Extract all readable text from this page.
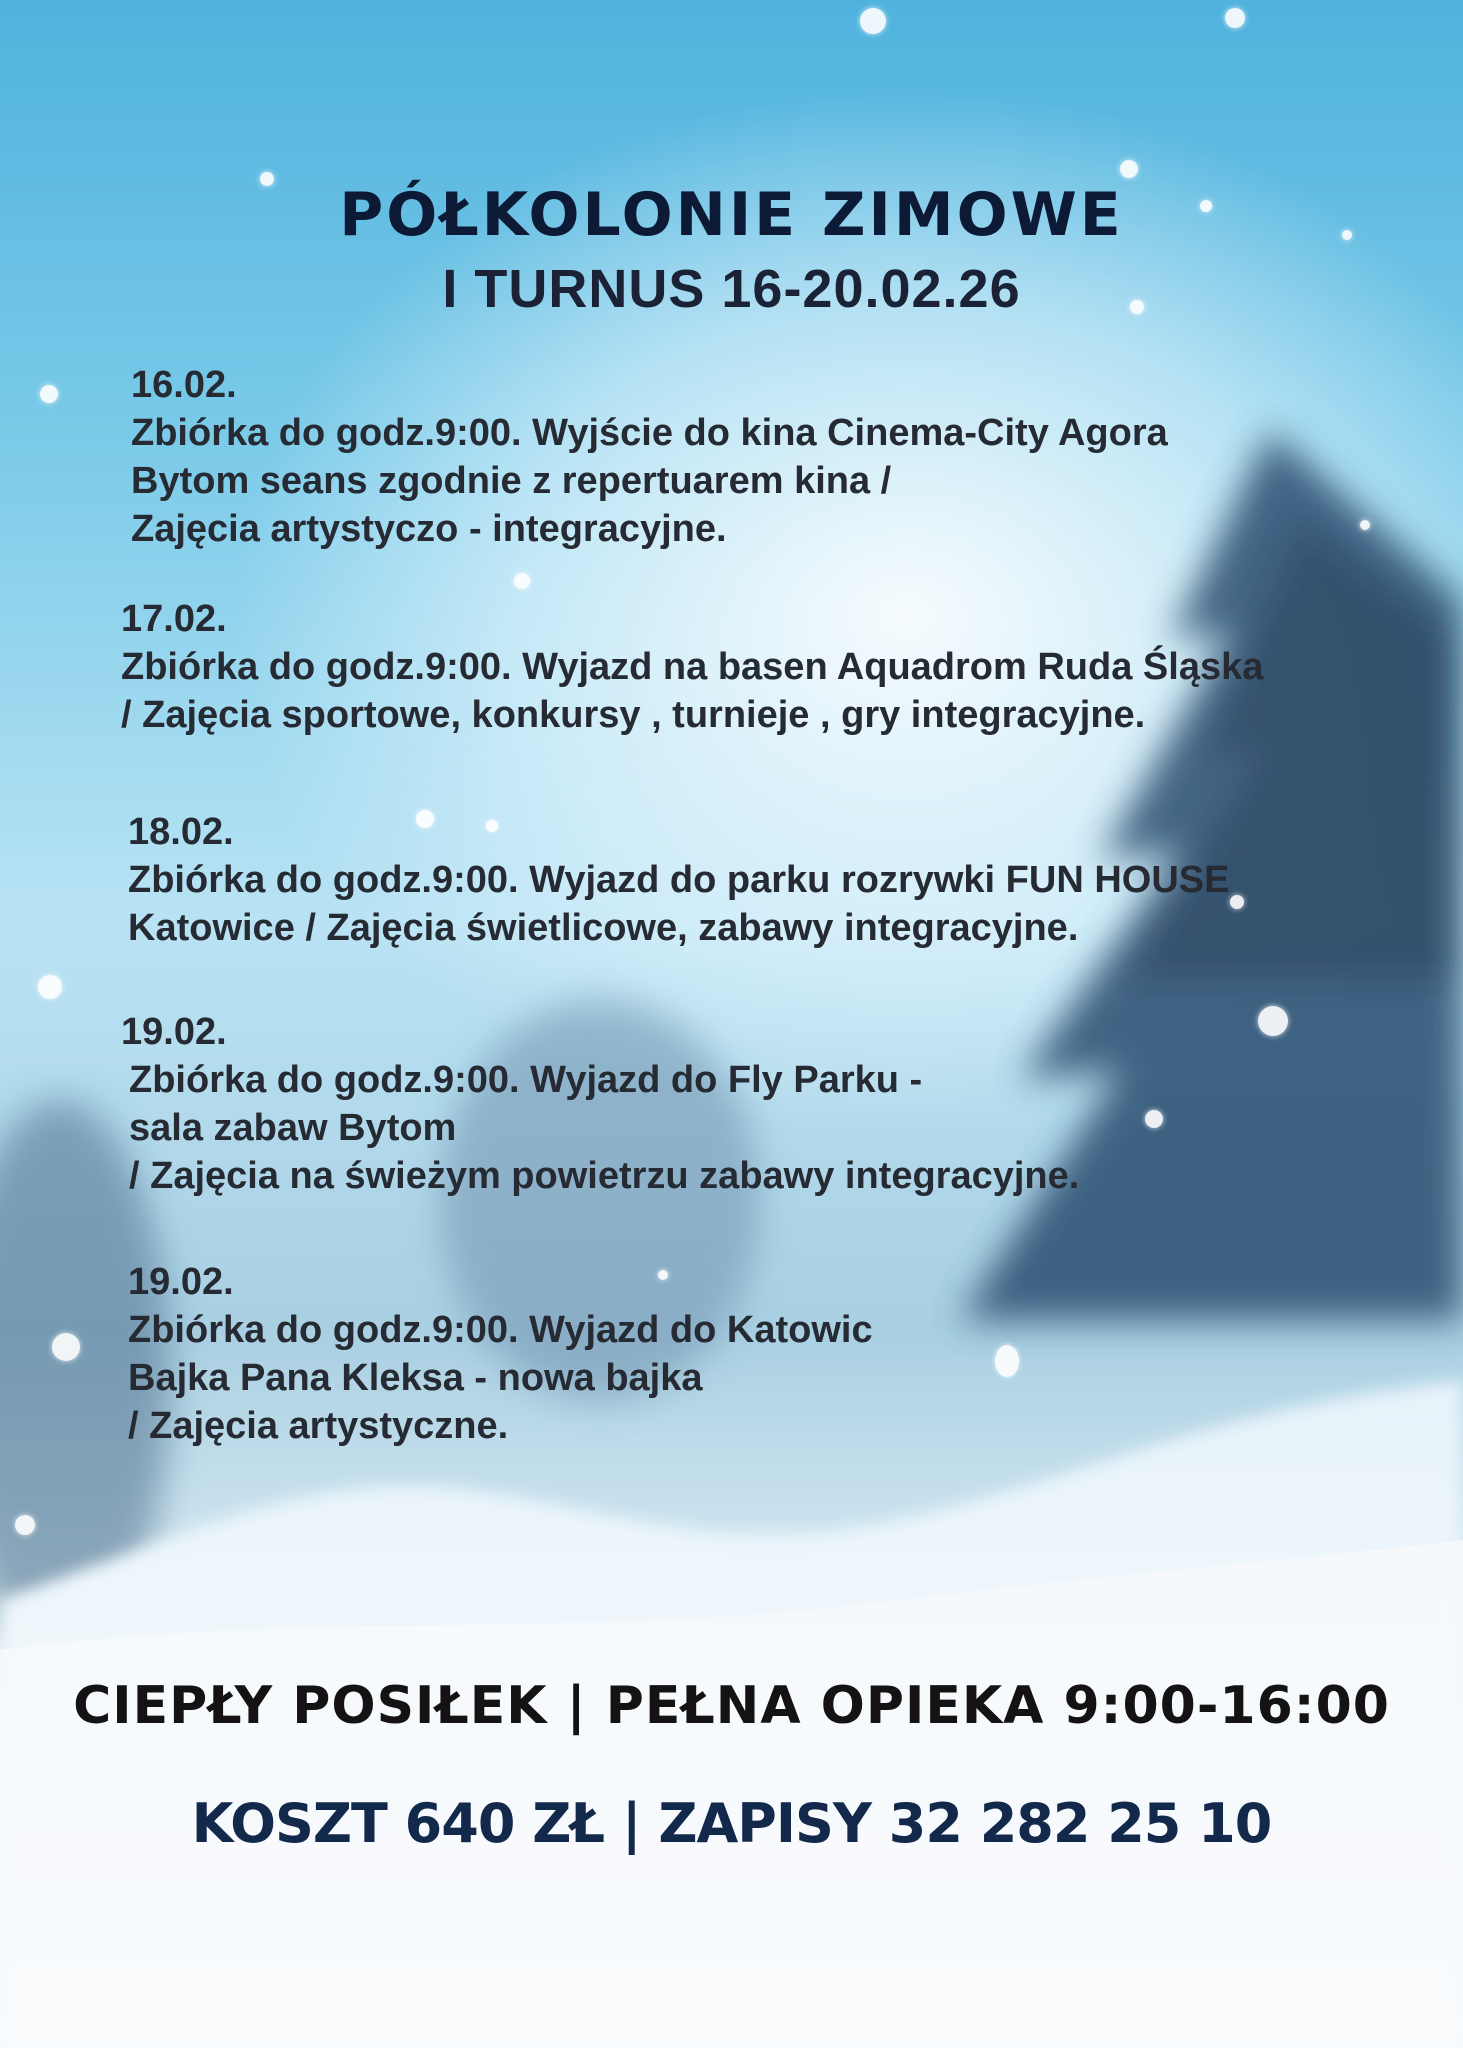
PÓŁKOLONIE ZIMOWE
I TURNUS 16-20.02.26
16.02.
Zbiórka do godz.9:00. Wyjście do kina Cinema-City Agora
Bytom seans zgodnie z repertuarem kina /
Zajęcia artystyczo - integracyjne.
17.02.
Zbiórka do godz.9:00. Wyjazd na basen Aquadrom Ruda Śląska
/ Zajęcia sportowe, konkursy , turnieje , gry integracyjne.
18.02.
Zbiórka do godz.9:00. Wyjazd do parku rozrywki FUN HOUSE
Katowice / Zajęcia świetlicowe, zabawy integracyjne.
19.02.
Zbiórka do godz.9:00. Wyjazd do Fly Parku -
sala zabaw Bytom
/ Zajęcia na świeżym powietrzu zabawy integracyjne.
19.02.
Zbiórka do godz.9:00. Wyjazd do Katowic
Bajka Pana Kleksa - nowa bajka
/ Zajęcia artystyczne.
CIEPŁY POSIŁEK | PEŁNA OPIEKA 9:00-16:00
KOSZT 640 ZŁ | ZAPISY 32 282 25 10
